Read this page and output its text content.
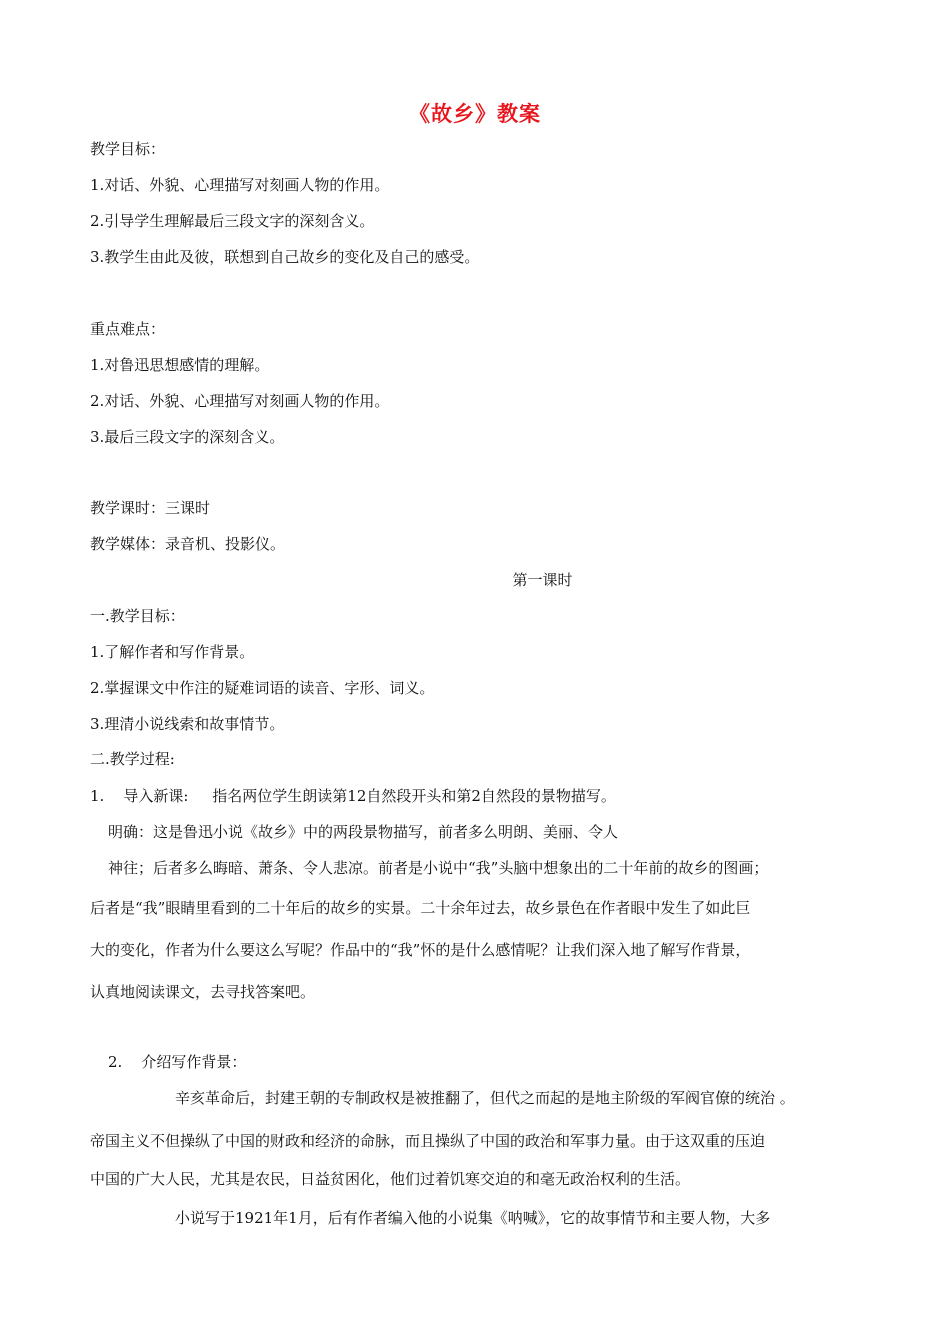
《故乡》教案
教学目标：
1.对话、外貌、心理描写对刻画人物的作用。
2.引导学生理解最后三段文字的深刻含义。
3.教学生由此及彼，联想到自己故乡的变化及自己的感受。
重点难点：
1.对鲁迅思想感情的理解。
2.对话、外貌、心理描写对刻画人物的作用。
3.最后三段文字的深刻含义。
教学课时：三课时
教学媒体：录音机、投影仪。
第一课时
一.教学目标：
1.了解作者和写作背景。
2.掌握课文中作注的疑难词语的读音、字形、词义。
3.理清小说线索和故事情节。
二.教学过程:
1.    导入新课:     指名两位学生朗读第12自然段开头和第2自然段的景物描写。
明确：这是鲁迅小说《故乡》中的两段景物描写，前者多么明朗、美丽、令人
神往；后者多么晦暗、萧条、令人悲凉。前者是小说中“我”头脑中想象出的二十年前的故乡的图画；
后者是“我”眼睛里看到的二十年后的故乡的实景。二十余年过去，故乡景色在作者眼中发生了如此巨
大的变化，作者为什么要这么写呢？作品中的“我”怀的是什么感情呢？让我们深入地了解写作背景，
认真地阅读课文，去寻找答案吧。
2.    介绍写作背景：
辛亥革命后，封建王朝的专制政权是被推翻了，但代之而起的是地主阶级的军阀官僚的统治 。
帝国主义不但操纵了中国的财政和经济的命脉，而且操纵了中国的政治和军事力量。由于这双重的压迫
中国的广大人民，尤其是农民，日益贫困化，他们过着饥寒交迫的和毫无政治权利的生活。
小说写于1921年1月，后有作者编入他的小说集《呐喊》，它的故事情节和主要人物，大多
